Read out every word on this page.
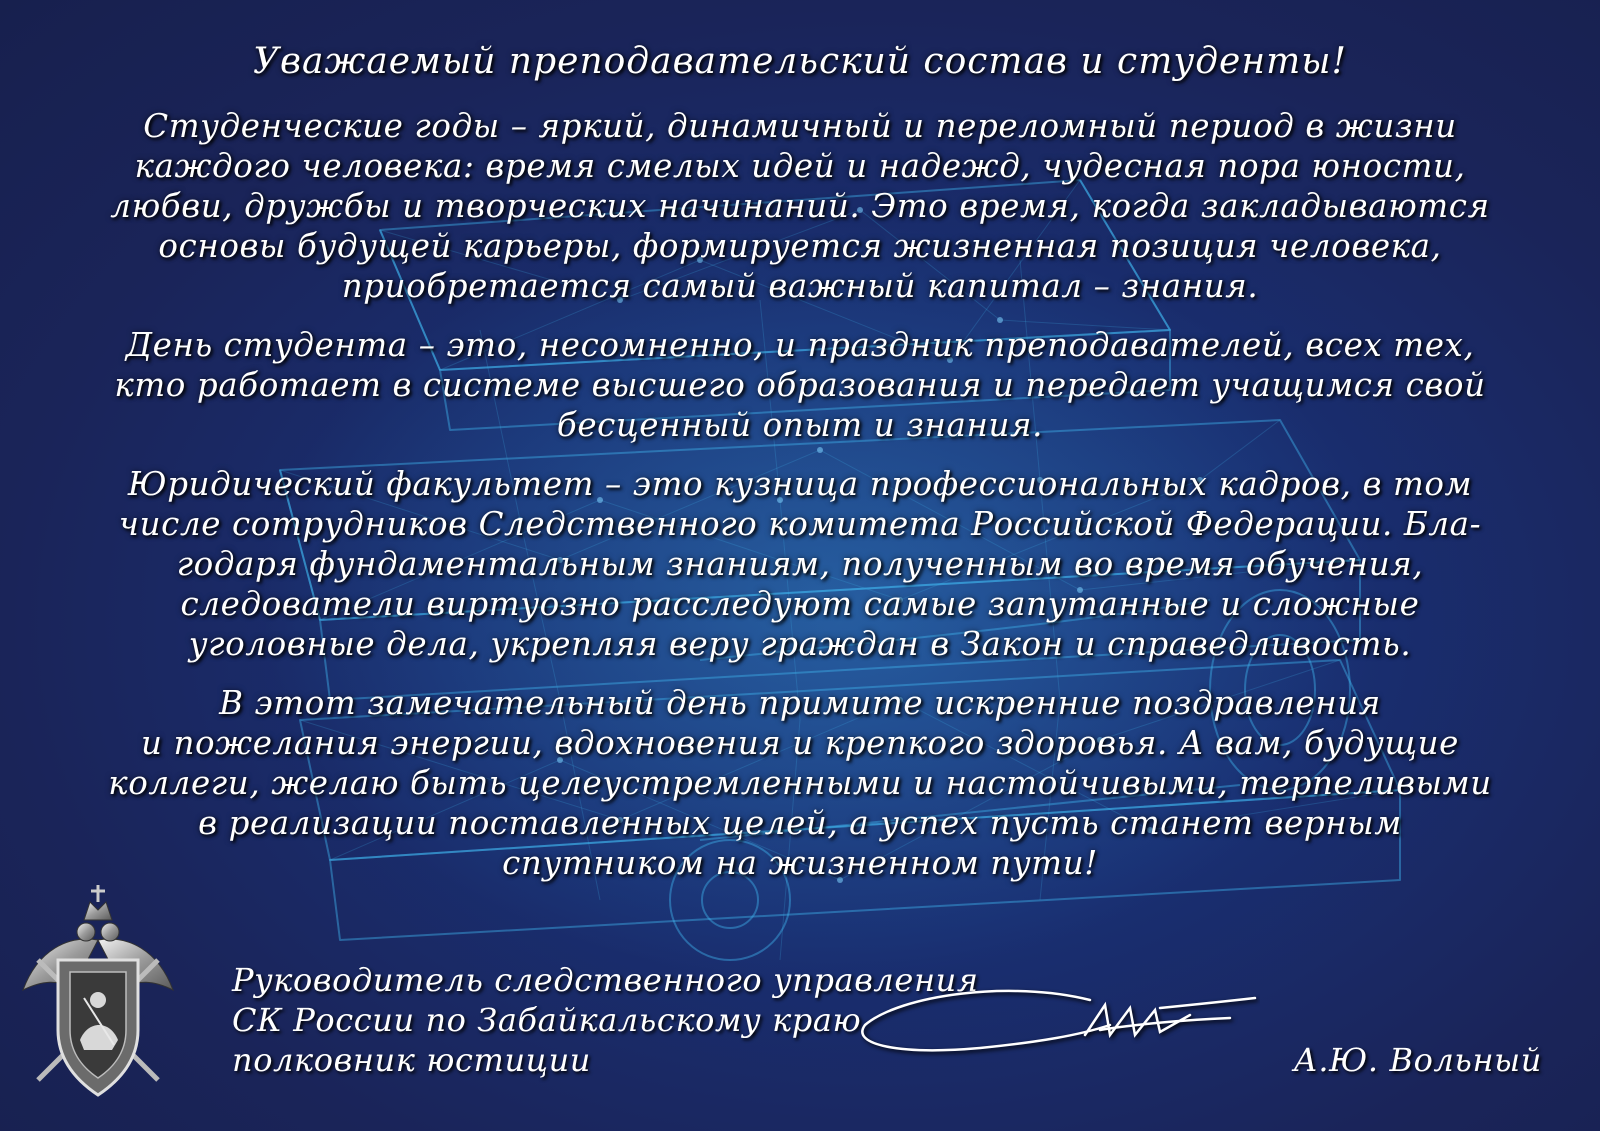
Уважаемый преподавательский состав и студенты!
Студенческие годы – яркий, динамичный и переломный период в жизни
каждого человека: время смелых идей и надежд, чудесная пора юности,
любви, дружбы и творческих начинаний. Это время, когда закладываются
основы будущей карьеры, формируется жизненная позиция человека,
приобретается самый важный капитал – знания.
День студента – это, несомненно, и праздник преподавателей, всех тех,
кто работает в системе высшего образования и передает учащимся свой
бесценный опыт и знания.
Юридический факультет – это кузница профессиональных кадров, в том
числе сотрудников Следственного комитета Российской Федерации. Бла-
годаря фундаментальным знаниям, полученным во время обучения,
следователи виртуозно расследуют самые запутанные и сложные
уголовные дела, укрепляя веру граждан в Закон и справедливость.
В этот замечательный день примите искренние поздравления
и пожелания энергии, вдохновения и крепкого здоровья. А вам, будущие
коллеги, желаю быть целеустремленными и настойчивыми, терпеливыми
в реализации поставленных целей, а успех пусть станет верным
спутником на жизненном пути!
Руководитель следственного управления
СК России по Забайкальскому краю
полковник юстиции	А.Ю. Вольный
